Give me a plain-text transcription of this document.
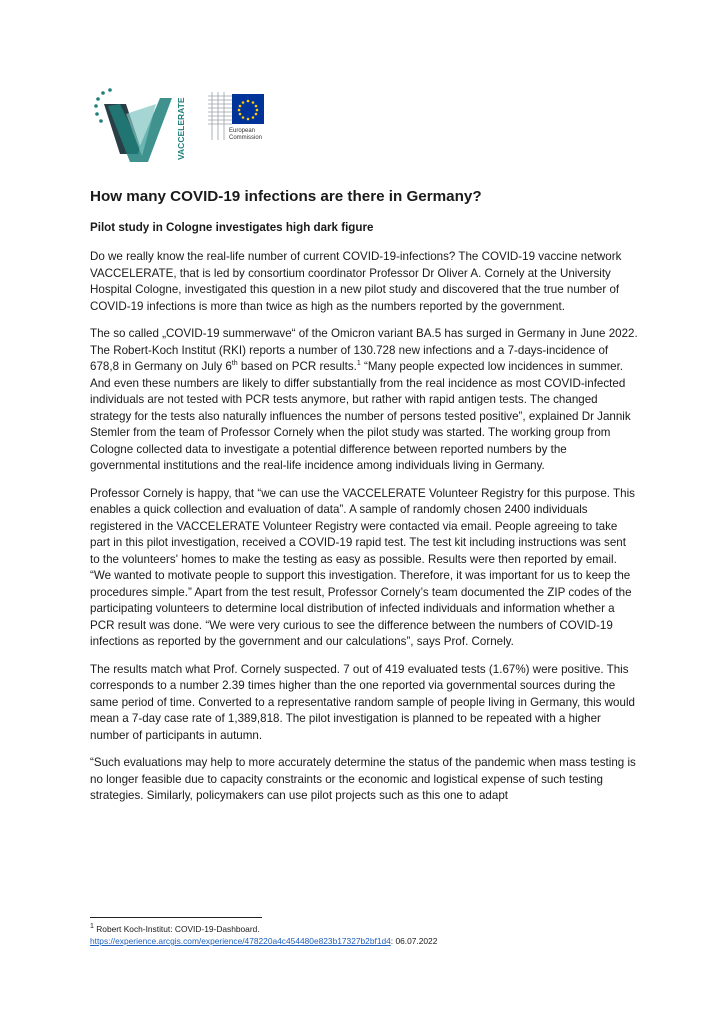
VACCELERATE	European
Commission
How many COVID-19 infections are there in Germany?
Pilot study in Cologne investigates high dark figure

Do we really know the real-life number of current COVID-19-infections? The COVID-19 vaccine network VACCELERATE, that is led by consortium coordinator Professor Dr Oliver A. Cornely at the University Hospital Cologne, investigated this question in a new pilot study and discovered that the true number of COVID-19 infections is more than twice as high as the numbers reported by the government.

The so called „COVID-19 summerwave“ of the Omicron variant BA.5 has surged in Germany in June 2022. The Robert-Koch Institut (RKI) reports a number of 130.728 new infections and a 7-days-incidence of 678,8 in Germany on July 6th based on PCR results.$^1$ “Many people expected low incidences in summer. And even these numbers are likely to differ substantially from the real incidence as most COVID-infected individuals are not tested with PCR tests anymore, but rather with rapid antigen tests. The changed strategy for the tests also naturally influences the number of persons tested positive”, explained Dr Jannik Stemler from the team of Professor Cornely when the pilot study was started. The working group from Cologne collected data to investigate a potential difference between reported numbers by the governmental institutions and the real-life incidence among individuals living in Germany.

Professor Cornely is happy, that “we can use the VACCELERATE Volunteer Registry for this purpose. This enables a quick collection and evaluation of data”. A sample of randomly chosen 2400 individuals registered in the VACCELERATE Volunteer Registry were contacted via email. People agreeing to take part in this pilot investigation, received a COVID-19 rapid test. The test kit including instructions was sent to the volunteers' homes to make the testing as easy as possible. Results were then reported by email. “We wanted to motivate people to support this investigation. Therefore, it was important for us to keep the procedures simple.” Apart from the test result, Professor Cornely’s team documented the ZIP codes of the participating volunteers to determine local distribution of infected individuals and information whether a PCR result was done. “We were very curious to see the difference between the numbers of COVID-19 infections as reported by the government and our calculations”, says Prof. Cornely.

The results match what Prof. Cornely suspected. 7 out of 419 evaluated tests (1.67%) were positive. This corresponds to a number 2.39 times higher than the one reported via governmental sources during the same period of time. Converted to a representative random sample of people living in Germany, this would mean a 7-day case rate of 1,389,818. The pilot investigation is planned to be repeated with a higher number of participants in autumn.

“Such evaluations may help to more accurately determine the status of the pandemic when mass testing is no longer feasible due to capacity constraints or the economic and logistical expense of such testing strategies. Similarly, policymakers can use pilot projects such as this one to adapt

$^1$ Robert Koch-Institut: COVID-19-Dashboard.
https://experience.arcgis.com/experience/478220a4c454480e823b17327b2bf1d4: 06.07.2022
